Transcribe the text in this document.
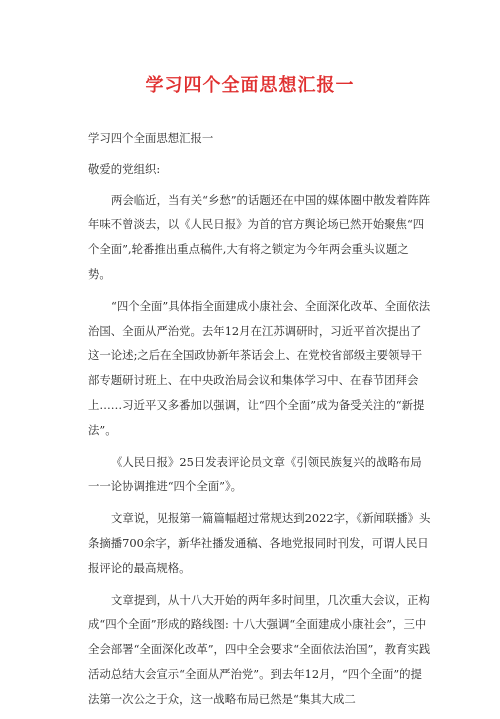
学习四个全面思想汇报一

学习四个全面思想汇报一

敬爱的党组织:

两会临近，当有关“乡愁”的话题还在中国的媒体圈中散发着阵阵年味不曾淡去，以《人民日报》为首的官方舆论场已然开始聚焦“四个全面”,轮番推出重点稿件,大有将之锁定为今年两会重头议题之势。

“四个全面”具体指全面建成小康社会、全面深化改革、全面依法治国、全面从严治党。去年12月在江苏调研时，习近平首次提出了这一论述;之后在全国政协新年茶话会上、在党校省部级主要领导干部专题研讨班上、在中央政治局会议和集体学习中、在春节团拜会上……习近平又多番加以强调，让“四个全面”成为备受关注的“新提法”。

《人民日报》25日发表评论员文章《引领民族复兴的战略布局一一论协调推进“四个全面”》。

文章说，见报第一篇篇幅超过常规达到2022字，《新闻联播》头条摘播700余字，新华社播发通稿、各地党报同时刊发，可谓人民日报评论的最高规格。

文章提到，从十八大开始的两年多时间里，几次重大会议，正构成“四个全面”形成的路线图: 十八大强调“全面建成小康社会”，三中全会部署“全面深化改革”，四中全会要求“全面依法治国”，教育实践活动总结大会宣示“全面从严治党”。到去年12月，“四个全面”的提法第一次公之于众，这一战略布局已然是“集其大成二
